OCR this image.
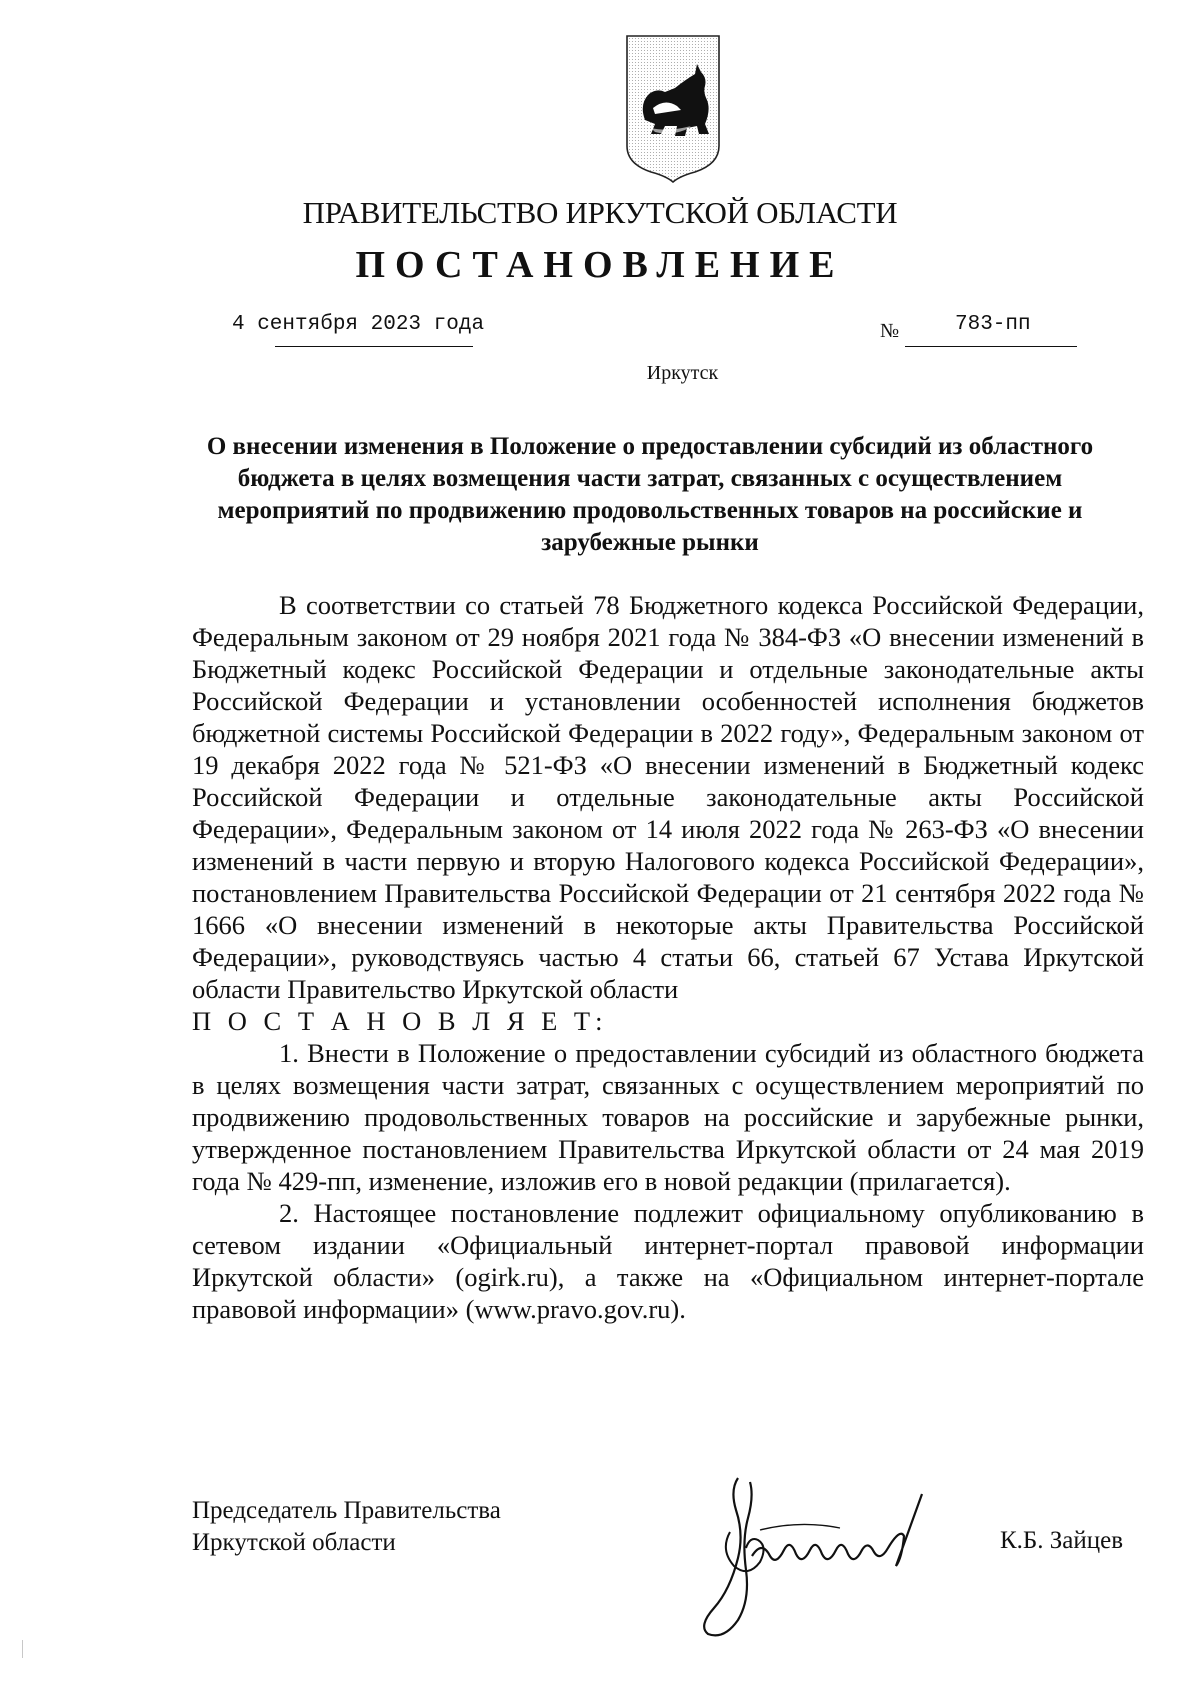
ПРАВИТЕЛЬСТВО ИРКУТСКОЙ ОБЛАСТИ
ПОСТАНОВЛЕНИЕ
4 сентября 2023 года	№	783-пп
Иркутск
О внесении изменения в Положение о предоставлении субсидий из областного бюджета в целях возмещения части затрат, связанных с осуществлением мероприятий по продвижению продовольственных товаров на российские и зарубежные рынки

В соответствии со статьей 78 Бюджетного кодекса Российской Федерации, Федеральным законом от 29 ноября 2021 года № 384-ФЗ «О внесении изменений в Бюджетный кодекс Российской Федерации и отдельные законодательные акты Российской Федерации и установлении особенностей исполнения бюджетов бюджетной системы Российской Федерации в 2022 году», Федеральным законом от 19 декабря 2022 года № 521-ФЗ «О внесении изменений в Бюджетный кодекс Российской Федерации и отдельные законодательные акты Российской Федерации», Федеральным законом от 14 июля 2022 года № 263-ФЗ «О внесении изменений в части первую и вторую Налогового кодекса Российской Федерации», постановлением Правительства Российской Федерации от 21 сентября 2022 года № 1666 «О внесении изменений в некоторые акты Правительства Российской Федерации», руководствуясь частью 4 статьи 66, статьей 67 Устава Иркутской области Правительство Иркутской области

П О С Т А Н О В Л Я Е Т:

1. Внести в Положение о предоставлении субсидий из областного бюджета в целях возмещения части затрат, связанных с осуществлением мероприятий по продвижению продовольственных товаров на российские и зарубежные рынки, утвержденное постановлением Правительства Иркутской области от 24 мая 2019 года № 429-пп, изменение, изложив его в новой редакции (прилагается).

2. Настоящее постановление подлежит официальному опубликованию в сетевом издании «Официальный интернет-портал правовой информации Иркутской области» (ogirk.ru), а также на «Официальном интернет-портале правовой информации» (www.pravo.gov.ru).

Председатель Правительства
Иркутской области	К.Б. Зайцев
